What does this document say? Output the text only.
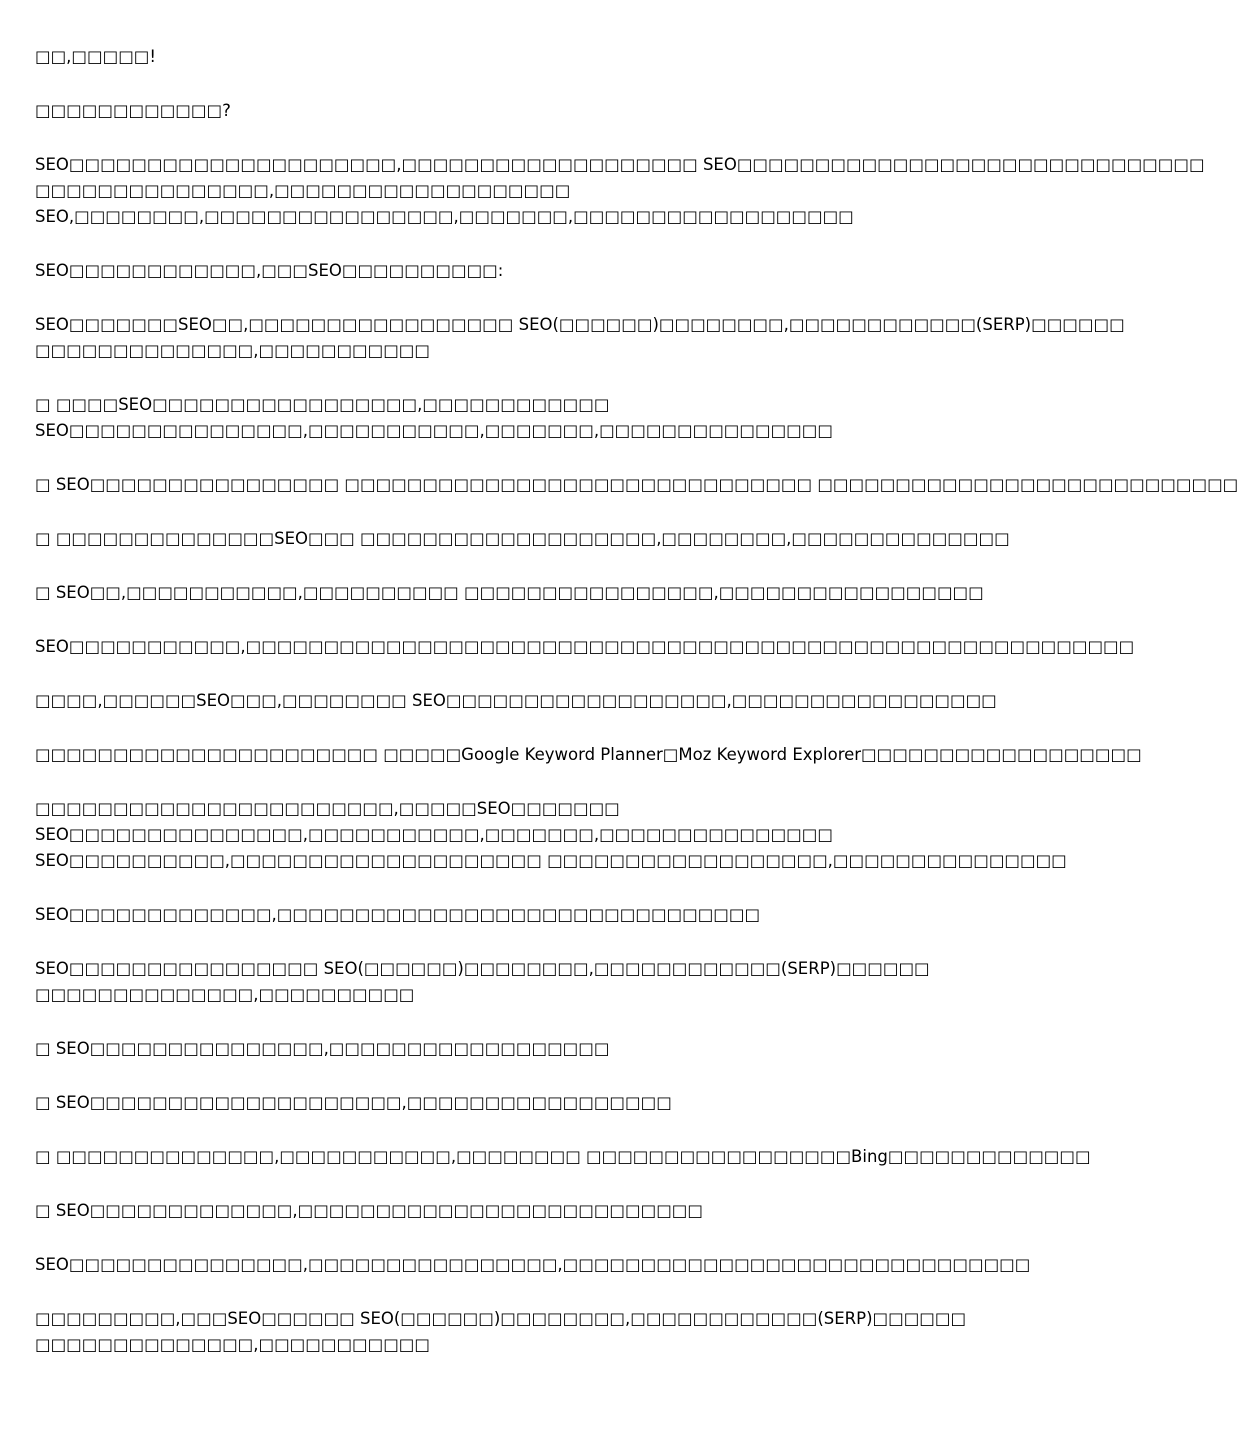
□□,□□□□□!

□□□□□□□□□□□□?

SEO□□□□□□□□□□□□□□□□□□□□□,□□□□□□□□□□□□□□□□□□□ SEO□□□□□□□□□□□□□□□□□□□□□□□□□□□□□□
□□□□□□□□□□□□□□□,□□□□□□□□□□□□□□□□□□□
SEO,□□□□□□□□,□□□□□□□□□□□□□□□□,□□□□□□□,□□□□□□□□□□□□□□□□□□

SEO□□□□□□□□□□□□,□□□SEO□□□□□□□□□□:

SEO□□□□□□□SEO□□,□□□□□□□□□□□□□□□□□ SEO(□□□□□□)□□□□□□□□,□□□□□□□□□□□□(SERP)□□□□□□
□□□□□□□□□□□□□□,□□□□□□□□□□□

□ □□□□SEO□□□□□□□□□□□□□□□□□,□□□□□□□□□□□□
SEO□□□□□□□□□□□□□□□,□□□□□□□□□□□,□□□□□□□,□□□□□□□□□□□□□□□

□ SEO□□□□□□□□□□□□□□□□ □□□□□□□□□□□□□□□□□□□□□□□□□□□□□□ □□□□□□□□□□□□□□□□□□□□□□□□□□□

□ □□□□□□□□□□□□□□SEO□□□ □□□□□□□□□□□□□□□□□□□,□□□□□□□□,□□□□□□□□□□□□□□

□ SEO□□,□□□□□□□□□□□,□□□□□□□□□□ □□□□□□□□□□□□□□□□,□□□□□□□□□□□□□□□□□

SEO□□□□□□□□□□□,□□□□□□□□□□□□□□□□□□□□□□□□□□□□□□□□□□□□□□□□□□□□□□□□□□□□□□□□□

□□□□,□□□□□□SEO□□□,□□□□□□□□ SEO□□□□□□□□□□□□□□□□□□,□□□□□□□□□□□□□□□□□

□□□□□□□□□□□□□□□□□□□□□□ □□□□□Google Keyword Planner□Moz Keyword Explorer□□□□□□□□□□□□□□□□□□

□□□□□□□□□□□□□□□□□□□□□□□,□□□□□SEO□□□□□□□
SEO□□□□□□□□□□□□□□□,□□□□□□□□□□□,□□□□□□□,□□□□□□□□□□□□□□□
SEO□□□□□□□□□□,□□□□□□□□□□□□□□□□□□□□ □□□□□□□□□□□□□□□□□□,□□□□□□□□□□□□□□□

SEO□□□□□□□□□□□□□,□□□□□□□□□□□□□□□□□□□□□□□□□□□□□□□

SEO□□□□□□□□□□□□□□□□ SEO(□□□□□□)□□□□□□□□,□□□□□□□□□□□□(SERP)□□□□□□
□□□□□□□□□□□□□□,□□□□□□□□□□

□ SEO□□□□□□□□□□□□□□□,□□□□□□□□□□□□□□□□□□

□ SEO□□□□□□□□□□□□□□□□□□□□,□□□□□□□□□□□□□□□□□

□ □□□□□□□□□□□□□□,□□□□□□□□□□□,□□□□□□□□ □□□□□□□□□□□□□□□□□Bing□□□□□□□□□□□□□

□ SEO□□□□□□□□□□□□□,□□□□□□□□□□□□□□□□□□□□□□□□□□

SEO□□□□□□□□□□□□□□□,□□□□□□□□□□□□□□□□,□□□□□□□□□□□□□□□□□□□□□□□□□□□□□□

□□□□□□□□□,□□□SEO□□□□□□ SEO(□□□□□□)□□□□□□□□,□□□□□□□□□□□□(SERP)□□□□□□
□□□□□□□□□□□□□□,□□□□□□□□□□□
